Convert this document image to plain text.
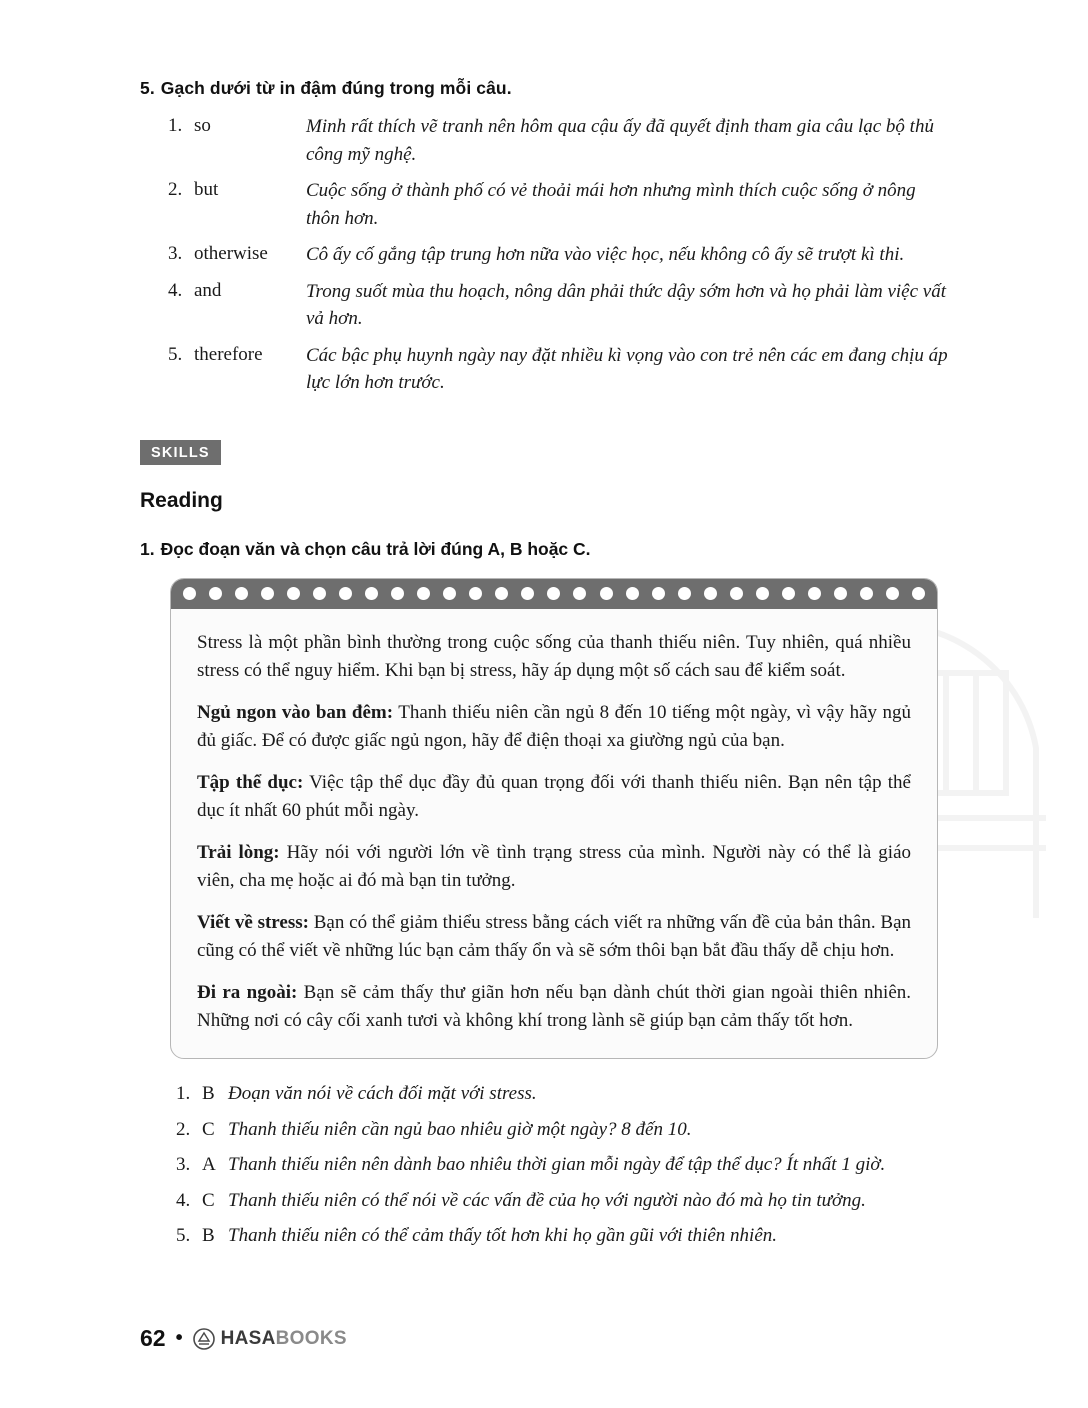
5. Gạch dưới từ in đậm đúng trong mỗi câu.
1. so	Minh rất thích vẽ tranh nên hôm qua cậu ấy đã quyết định tham gia câu lạc bộ thủ công mỹ nghệ.
2. but	Cuộc sống ở thành phố có vẻ thoải mái hơn nhưng mình thích cuộc sống ở nông thôn hơn.
3. otherwise	Cô ấy cố gắng tập trung hơn nữa vào việc học, nếu không cô ấy sẽ trượt kì thi.
4. and	Trong suốt mùa thu hoạch, nông dân phải thức dậy sớm hơn và họ phải làm việc vất vả hơn.
5. therefore	Các bậc phụ huynh ngày nay đặt nhiều kì vọng vào con trẻ nên các em đang chịu áp lực lớn hơn trước.
SKILLS
Reading
1. Đọc đoạn văn và chọn câu trả lời đúng A, B hoặc C.

Stress là một phần bình thường trong cuộc sống của thanh thiếu niên. Tuy nhiên, quá nhiều stress có thể nguy hiểm. Khi bạn bị stress, hãy áp dụng một số cách sau để kiểm soát.

Ngủ ngon vào ban đêm: Thanh thiếu niên cần ngủ 8 đến 10 tiếng một ngày, vì vậy hãy ngủ đủ giấc. Để có được giấc ngủ ngon, hãy để điện thoại xa giường ngủ của bạn.

Tập thể dục: Việc tập thể dục đầy đủ quan trọng đối với thanh thiếu niên. Bạn nên tập thể dục ít nhất 60 phút mỗi ngày.

Trải lòng: Hãy nói với người lớn về tình trạng stress của mình. Người này có thể là giáo viên, cha mẹ hoặc ai đó mà bạn tin tưởng.

Viết về stress: Bạn có thể giảm thiểu stress bằng cách viết ra những vấn đề của bản thân. Bạn cũng có thể viết về những lúc bạn cảm thấy ổn và sẽ sớm thôi bạn bắt đầu thấy dễ chịu hơn.

Đi ra ngoài: Bạn sẽ cảm thấy thư giãn hơn nếu bạn dành chút thời gian ngoài thiên nhiên. Những nơi có cây cối xanh tươi và không khí trong lành sẽ giúp bạn cảm thấy tốt hơn.

1. B Đoạn văn nói về cách đối mặt với stress.
2. C Thanh thiếu niên cần ngủ bao nhiêu giờ một ngày? 8 đến 10.
3. A Thanh thiếu niên nên dành bao nhiêu thời gian mỗi ngày để tập thể dục? Ít nhất 1 giờ.
4. C Thanh thiếu niên có thể nói về các vấn đề của họ với người nào đó mà họ tin tưởng.
5. B Thanh thiếu niên có thể cảm thấy tốt hơn khi họ gần gũi với thiên nhiên.
62 • HASABOOKS
